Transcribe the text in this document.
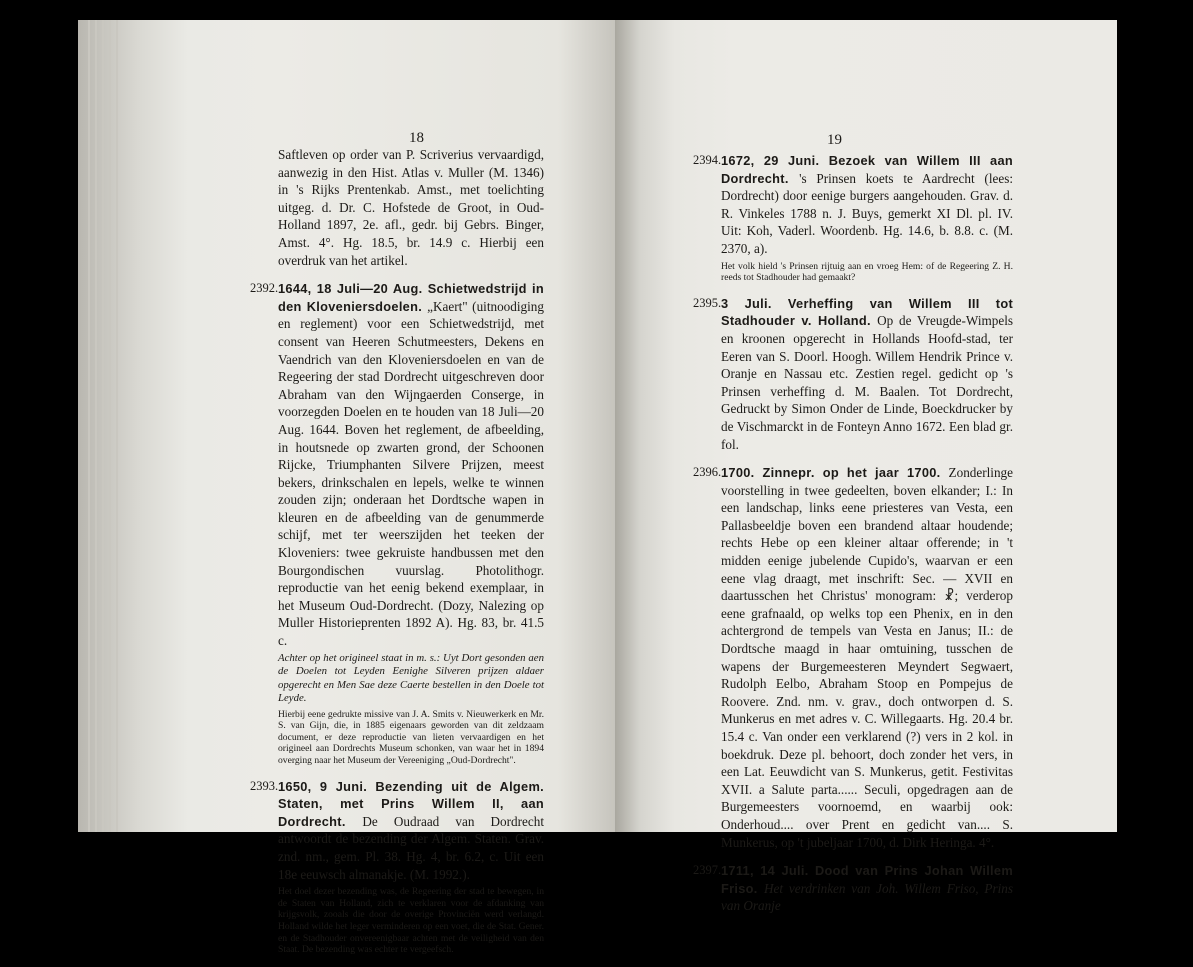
18

Saftleven op order van P. Scriverius vervaardigd, aanwezig in den Hist. Atlas v. Muller (M. 1346) in 's Rijks Prentenkab. Amst., met toelichting uitgeg. d. Dr. C. Hofstede de Groot, in Oud-Holland 1897, 2e. afl., gedr. bij Gebrs. Binger, Amst. 4°. Hg. 18.5, br. 14.9 c. Hierbij een overdruk van het artikel.

2392. 1644, 18 Juli—20 Aug. Schietwedstrijd in den Kloveniersdoelen. „Kaert" (uitnoodiging en reglement) voor een Schietwedstrijd, met consent van Heeren Schutmeesters, Dekens en Vaendrich van den Kloveniersdoelen en van de Regeering der stad Dordrecht uitgeschreven door Abraham van den Wijngaerden Conserge, in voorzegden Doelen en te houden van 18 Juli—20 Aug. 1644. Boven het reglement, de afbeelding, in houtsnede op zwarten grond, der Schoonen Rijcke, Triumphanten Silvere Prijzen, meest bekers, drinkschalen en lepels, welke te winnen zouden zijn; onderaan het Dordtsche wapen in kleuren en de afbeelding van de genummerde schijf, met ter weerszijden het teeken der Kloveniers: twee gekruiste handbussen met den Bourgondischen vuurslag. Photolithogr. reproductie van het eenig bekend exemplaar, in het Museum Oud-Dordrecht. (Dozy, Nalezing op Muller Historieprenten 1892 A). Hg. 83, br. 41.5 c.

Achter op het origineel staat in m. s.: Uyt Dort gesonden aen de Doelen tot Leyden Eenighe Silveren prijzen aldaer opgerecht en Men Sae deze Caerte bestellen in den Doele tot Leyde.

Hierbij eene gedrukte missive van J. A. Smits v. Nieuwerkerk en Mr. S. van Gijn, die, in 1885 eigenaars geworden van dit zeldzaam document, er deze reproductie van lieten vervaardigen en het origineel aan Dordrechts Museum schonken, van waar het in 1894 overging naar het Museum der Vereeniging „Oud-Dordrecht".

2393. 1650, 9 Juni. Bezending uit de Algem. Staten, met Prins Willem II, aan Dordrecht. De Oudraad van Dordrecht antwoordt de bezending der Algem. Staten. Grav. znd. nm., gem. Pl. 38. Hg. 4, br. 6.2, c. Uit een 18e eeuwsch almanakje. (M. 1992.).

Het doel dezer bezending was, de Regeering der stad te bewegen, in de Staten van Holland, zich te verklaren voor de afdanking van krijgsvolk, zooals die door de overige Provinciën werd verlangd. Holland wilde het leger verminderen op een voet, die de Stat. Gener. en de Stadhouder onvereenigbaar achten met de veiligheid van den Staat. De bezending was echter te vergeefsch.

19
2394. 1672, 29 Juni. Bezoek van Willem III aan Dordrecht. 's Prinsen koets te Aardrecht (lees: Dordrecht) door eenige burgers aangehouden. Grav. d. R. Vinkeles 1788 n. J. Buys, gemerkt XI Dl. pl. IV. Uit: Koh, Vaderl. Woordenb. Hg. 14.6, b. 8.8. c. (M. 2370, a).

Het volk hield 's Prinsen rijtuig aan en vroeg Hem: of de Regeering Z. H. reeds tot Stadhouder had gemaakt?

2395. 3 Juli. Verheffing van Willem III tot Stadhouder v. Holland. Op de Vreugde-Wimpels en kroonen opgerecht in Hollands Hoofd-stad, ter Eeren van S. Doorl. Hoogh. Willem Hendrik Prince v. Oranje en Nassau etc. Zestien regel. gedicht op 's Prinsen verheffing d. M. Baalen. Tot Dordrecht, Gedruckt by Simon Onder de Linde, Boeckdrucker by de Vischmarckt in de Fonteyn Anno 1672. Een blad gr. fol.
2396. 1700. Zinnepr. op het jaar 1700. Zonderlinge voorstelling in twee gedeelten, boven elkander; I.: In een landschap, links eene priesteres van Vesta, een Pallasbeeldje boven een brandend altaar houdende; rechts Hebe op een kleiner altaar offerende; in 't midden eenige jubelende Cupido's, waarvan er een eene vlag draagt, met inschrift: Sec. — XVII en daartusschen het Christus' monogram: ☧; verderop eene grafnaald, op welks top een Phenix, en in den achtergrond de tempels van Vesta en Janus; II.: de Dordtsche maagd in haar omtuining, tusschen de wapens der Burgemeesteren Meyndert Segwaert, Rudolph Eelbo, Abraham Stoop en Pompejus de Roovere. Znd. nm. v. grav., doch ontworpen d. S. Munkerus en met adres v. C. Willegaarts. Hg. 20.4 br. 15.4 c. Van onder een verklarend (?) vers in 2 kol. in boekdruk. Deze pl. behoort, doch zonder het vers, in een Lat. Eeuwdicht van S. Munkerus, getit. Festivitas XVII. a Salute parta...... Seculi, opgedragen aan de Burgemeesters voornoemd, en waarbij ook: Onderhoud.... over Prent en gedicht van.... S. Munkerus, op 't jubeljaar 1700, d. Dirk Heringa. 4°.
2397. 1711, 14 Juli. Dood van Prins Johan Willem Friso. Het verdrinken van Joh. Willem Friso, Prins van Oranje
